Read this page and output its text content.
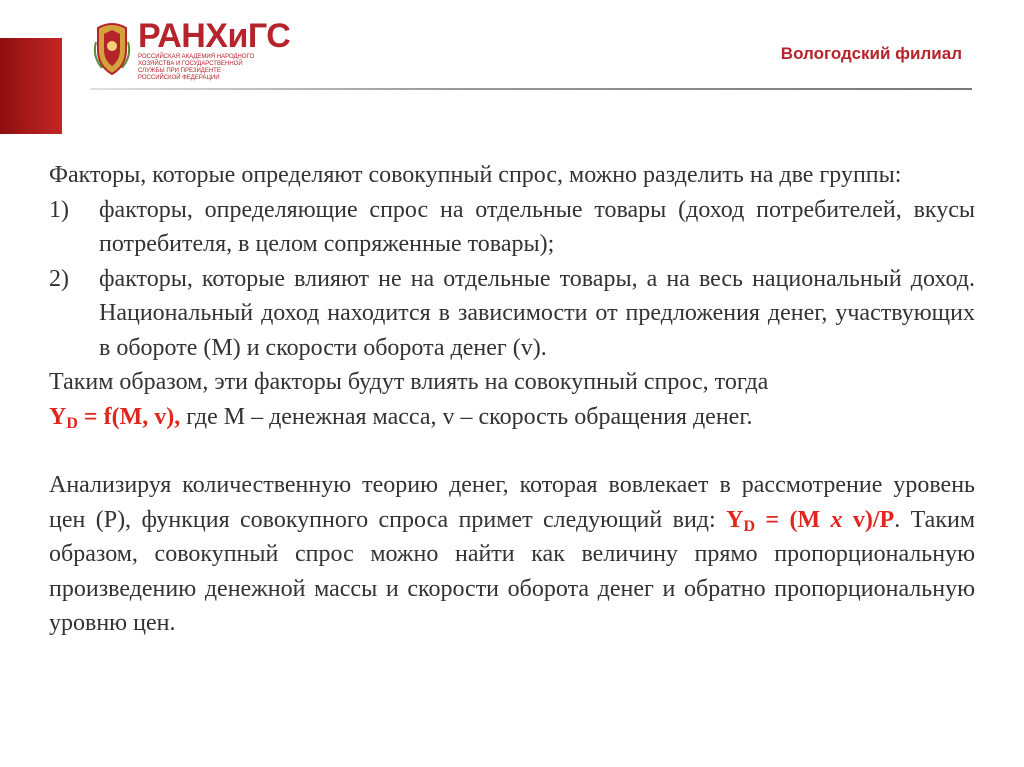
РАНХиГС
РОССИЙСКАЯ АКАДЕМИЯ НАРОДНОГО ХОЗЯЙСТВА И ГОСУДАРСТВЕННОЙ СЛУЖБЫ ПРИ ПРЕЗИДЕНТЕ РОССИЙСКОЙ ФЕДЕРАЦИИ
Вологодский филиал

Факторы, которые определяют совокупный спрос, можно разделить на две группы:

1)	факторы, определяющие спрос на отдельные товары (доход потребителей, вкусы потребителя, в целом сопряженные товары);
2)	факторы, которые влияют не на отдельные товары, а на весь национальный доход. Национальный доход находится в зависимости от предложения денег, участвующих в обороте (М) и скорости оборота денег (v).

Таким образом, эти факторы будут влиять на совокупный спрос, тогда

$Y_D = f(M$, v), где М – денежная масса, v – скорость обращения денег.

Анализируя количественную теорию денег, которая вовлекает в рассмотрение уровень цен (Р), функция совокупного спроса примет следующий вид: $Y_D = (M$ x v)/P. Таким образом, совокупный спрос можно найти как величину прямо пропорциональную произведению денежной массы и скорости оборота денег и обратно пропорциональную уровню цен.
